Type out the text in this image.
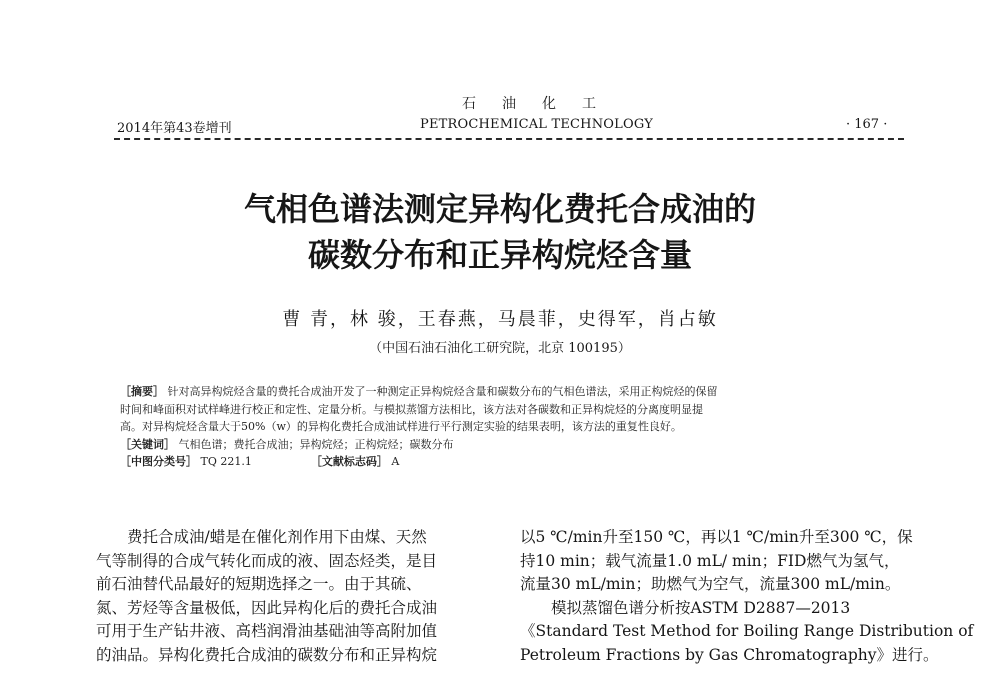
石油化工
2014年第43卷增刊	PETROCHEMICAL TECHNOLOGY	· 167 ·
气相色谱法测定异构化费托合成油的
碳数分布和正异构烷烃含量
曹 青，林 骏，王春燕，马晨菲，史得军，肖占敏
（中国石油石油化工研究院，北京 100195）
［摘要］ 针对高异构烷烃含量的费托合成油开发了一种测定正异构烷烃含量和碳数分布的气相色谱法，采用正构烷烃的保留
时间和峰面积对试样峰进行校正和定性、定量分析。与模拟蒸馏方法相比，该方法对各碳数和正异构烷烃的分离度明显提
高。对异构烷烃含量大于50%（w）的异构化费托合成油试样进行平行测定实验的结果表明，该方法的重复性良好。
［关键词］ 气相色谱；费托合成油；异构烷烃；正构烷烃；碳数分布
［中图分类号］ TQ 221.1	［文献标志码］ A
费托合成油/蜡是在催化剂作用下由煤、天然
气等制得的合成气转化而成的液、固态烃类，是目
前石油替代品最好的短期选择之一。由于其硫、
氮、芳烃等含量极低，因此异构化后的费托合成油
可用于生产钻井液、高档润滑油基础油等高附加值
的油品。异构化费托合成油的碳数分布和正异构烷
以5 ℃/min升至150 ℃，再以1 ℃/min升至300 ℃，保
持10 min；载气流量1.0 mL/ min；FID燃气为氢气，
流量30 mL/min；助燃气为空气，流量300 mL/min。
模拟蒸馏色谱分析按ASTM D2887—2013
《Standard Test Method for Boiling Range Distribution of
Petroleum Fractions by Gas Chromatography》进行。
